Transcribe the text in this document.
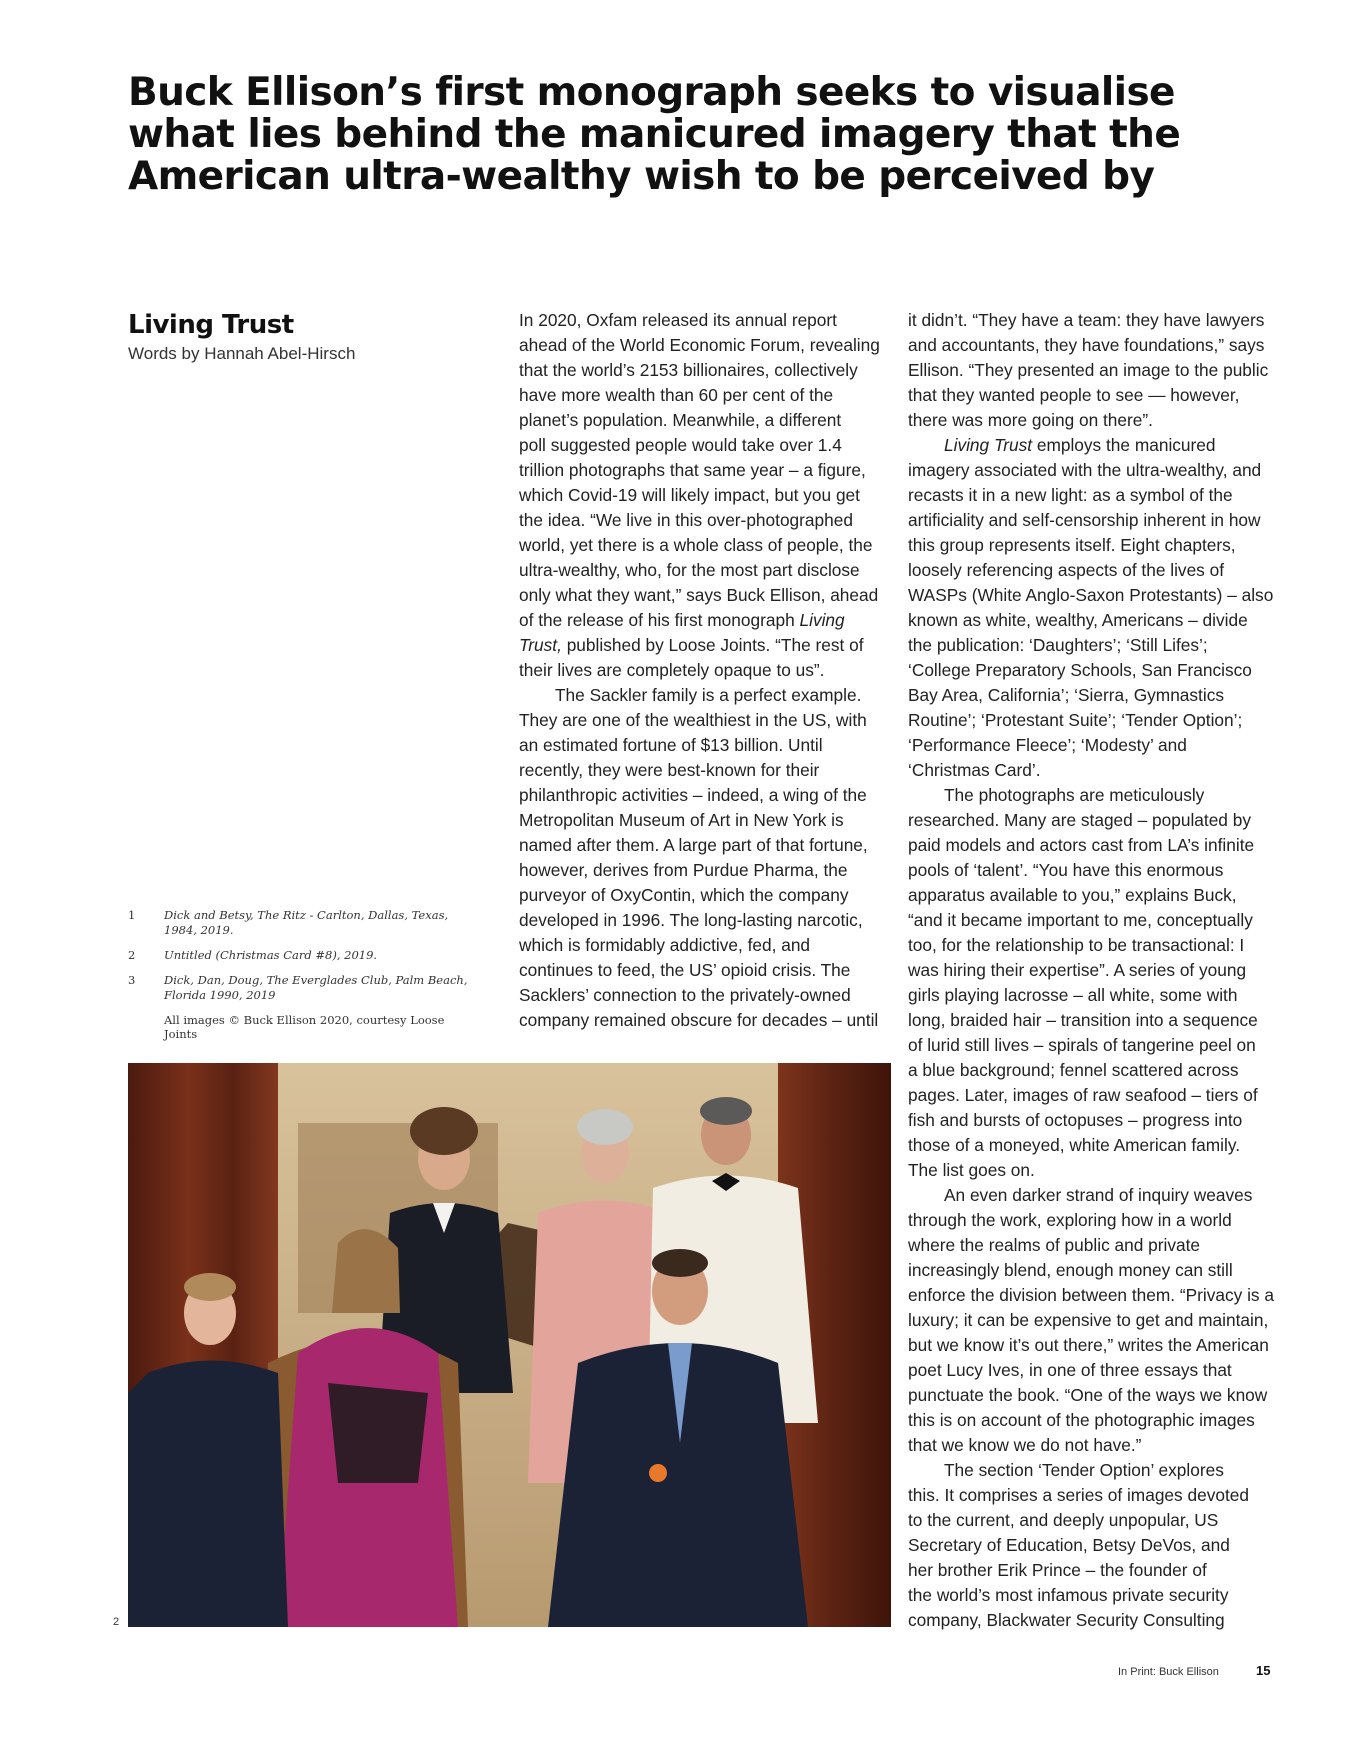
Buck Ellison’s first monograph seeks to visualise what lies behind the manicured imagery that the American ultra-wealthy wish to be perceived by
Living Trust
Words by Hannah Abel-Hirsch

In 2020, Oxfam released its annual report
ahead of the World Economic Forum, revealing
that the world’s 2153 billionaires, collectively
have more wealth than 60 per cent of the
planet’s population. Meanwhile, a different
poll suggested people would take over 1.4
trillion photographs that same year – a figure,
which Covid-19 will likely impact, but you get
the idea. “We live in this over-photographed
world, yet there is a whole class of people, the
ultra-wealthy, who, for the most part disclose
only what they want,” says Buck Ellison, ahead
of the release of his first monograph Living
Trust, published by Loose Joints. “The rest of
their lives are completely opaque to us”.

The Sackler family is a perfect example.
They are one of the wealthiest in the US, with
an estimated fortune of $13 billion. Until
recently, they were best-known for their
philanthropic activities – indeed, a wing of the
Metropolitan Museum of Art in New York is
named after them. A large part of that fortune,
however, derives from Purdue Pharma, the
purveyor of OxyContin, which the company
developed in 1996. The long-lasting narcotic,
which is formidably addictive, fed, and
continues to feed, the US’ opioid crisis. The
Sacklers’ connection to the privately-owned
company remained obscure for decades – until

it didn’t. “They have a team: they have lawyers
and accountants, they have foundations,” says
Ellison. “They presented an image to the public
that they wanted people to see — however,
there was more going on there”.

Living Trust employs the manicured
imagery associated with the ultra-wealthy, and
recasts it in a new light: as a symbol of the
artificiality and self-censorship inherent in how
this group represents itself. Eight chapters,
loosely referencing aspects of the lives of
WASPs (White Anglo-Saxon Protestants) – also
known as white, wealthy, Americans – divide
the publication: ‘Daughters’; ‘Still Lifes’;
‘College Preparatory Schools, San Francisco
Bay Area, California’; ‘Sierra, Gymnastics
Routine’; ‘Protestant Suite’; ‘Tender Option’;
‘Performance Fleece’; ‘Modesty’ and
‘Christmas Card’.

The photographs are meticulously
researched. Many are staged – populated by
paid models and actors cast from LA’s infinite
pools of ‘talent’. “You have this enormous
apparatus available to you,” explains Buck,
“and it became important to me, conceptually
too, for the relationship to be transactional: I
was hiring their expertise”. A series of young
girls playing lacrosse – all white, some with
long, braided hair – transition into a sequence
of lurid still lives – spirals of tangerine peel on
a blue background; fennel scattered across
pages. Later, images of raw seafood – tiers of
fish and bursts of octopuses – progress into
those of a moneyed, white American family.
The list goes on.

An even darker strand of inquiry weaves
through the work, exploring how in a world
where the realms of public and private
increasingly blend, enough money can still
enforce the division between them. “Privacy is a
luxury; it can be expensive to get and maintain,
but we know it’s out there,” writes the American
poet Lucy Ives, in one of three essays that
punctuate the book. “One of the ways we know
this is on account of the photographic images
that we know we do not have.”

The section ‘Tender Option’ explores
this. It comprises a series of images devoted
to the current, and deeply unpopular, US
Secretary of Education, Betsy DeVos, and
her brother Erik Prince – the founder of
the world’s most infamous private security
company, Blackwater Security Consulting

1 Dick and Betsy, The Ritz - Carlton, Dallas, Texas, 1984, 2019.
2 Untitled (Christmas Card #8), 2019.
3 Dick, Dan, Doug, The Everglades Club, Palm Beach, Florida 1990, 2019
All images © Buck Ellison 2020, courtesy Loose Joints
2
In Print: Buck Ellison	15
